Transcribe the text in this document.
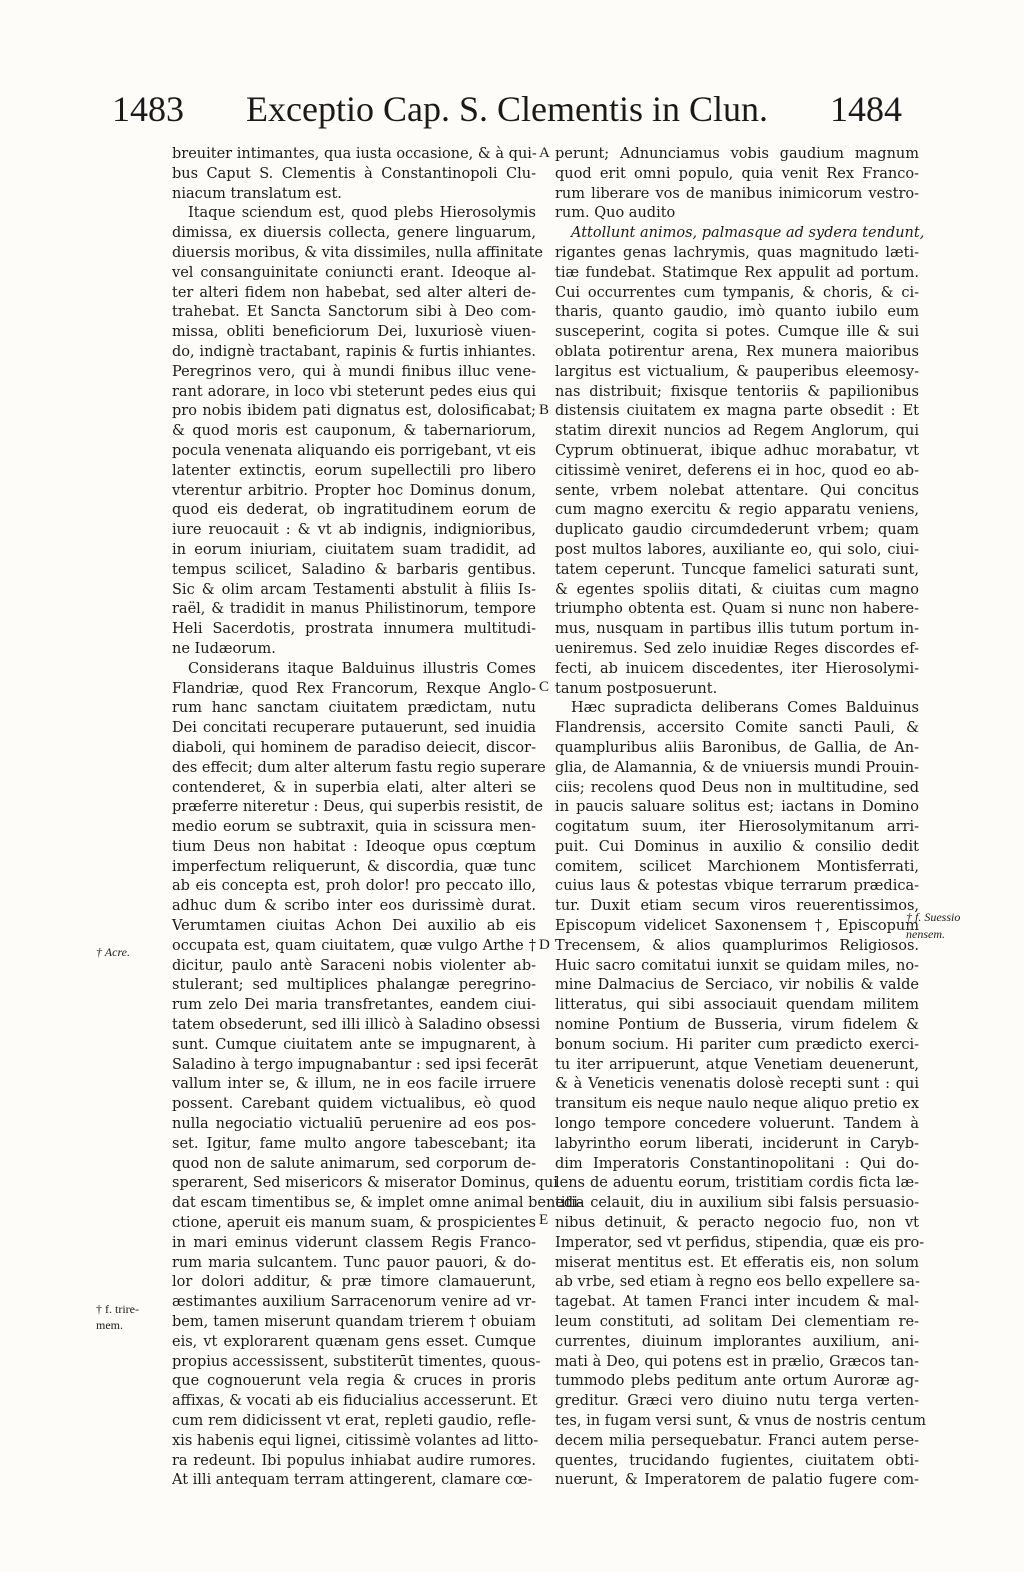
1483	Exceptio Cap. S. Clementis in Clun.	1484
breuiter intimantes, qua iusta occasione, & à qui-
bus Caput S. Clementis à Constantinopoli Clu-
niacum translatum est.
Itaque sciendum est, quod plebs Hierosolymis
dimissa, ex diuersis collecta, genere linguarum,
diuersis moribus, & vita dissimiles, nulla affinitate
vel consanguinitate coniuncti erant. Ideoque al-
ter alteri fidem non habebat, sed alter alteri de-
trahebat. Et Sancta Sanctorum sibi à Deo com-
missa, obliti beneficiorum Dei, luxuriosè viuen-
do, indignè tractabant, rapinis & furtis inhiantes.
Peregrinos vero, qui à mundi finibus illuc vene-
rant adorare, in loco vbi steterunt pedes eius qui
pro nobis ibidem pati dignatus est, dolosificabat;
& quod moris est cauponum, & tabernariorum,
pocula venenata aliquando eis porrigebant, vt eis
latenter extinctis, eorum supellectili pro libero
vterentur arbitrio. Propter hoc Dominus donum,
quod eis dederat, ob ingratitudinem eorum de
iure reuocauit : & vt ab indignis, indignioribus,
in eorum iniuriam, ciuitatem suam tradidit, ad
tempus scilicet, Saladino & barbaris gentibus.
Sic & olim arcam Testamenti abstulit à filiis Is-
raël, & tradidit in manus Philistinorum, tempore
Heli Sacerdotis, prostrata innumera multitudi-
ne Iudæorum.
Considerans itaque Balduinus illustris Comes
Flandriæ, quod Rex Francorum, Rexque Anglo-
rum hanc sanctam ciuitatem prædictam, nutu
Dei concitati recuperare putauerunt, sed inuidia
diaboli, qui hominem de paradiso deiecit, discor-
des effecit; dum alter alterum fastu regio superare
contenderet, & in superbia elati, alter alteri se
præferre niteretur : Deus, qui superbis resistit, de
medio eorum se subtraxit, quia in scissura men-
tium Deus non habitat : Ideoque opus cœptum
imperfectum reliquerunt, & discordia, quæ tunc
ab eis concepta est, proh dolor! pro peccato illo,
adhuc dum & scribo inter eos durissimè durat.
Verumtamen ciuitas Achon Dei auxilio ab eis
occupata est, quam ciuitatem, quæ vulgo Arthe †
dicitur, paulo antè Saraceni nobis violenter ab-
stulerant; sed multiplices phalangæ peregrino-
rum zelo Dei maria transfretantes, eandem ciui-
tatem obsederunt, sed illi illicò à Saladino obsessi
sunt. Cumque ciuitatem ante se impugnarent, à
Saladino à tergo impugnabantur : sed ipsi fecerāt
vallum inter se, & illum, ne in eos facile irruere
possent. Carebant quidem victualibus, eò quod
nulla negociatio victualiū peruenire ad eos pos-
set. Igitur, fame multo angore tabescebant; ita
quod non de salute animarum, sed corporum de-
sperarent, Sed misericors & miserator Dominus, qui
dat escam timentibus se, & implet omne animal benedi-
ctione, aperuit eis manum suam, & prospicientes
in mari eminus viderunt classem Regis Franco-
rum maria sulcantem. Tunc pauor pauori, & do-
lor dolori additur, & præ timore clamauerunt,
æstimantes auxilium Sarracenorum venire ad vr-
bem, tamen miserunt quandam trierem † obuiam
eis, vt explorarent quænam gens esset. Cumque
propius accessissent, substiterūt timentes, quous-
que cognouerunt vela regia & cruces in proris
affixas, & vocati ab eis fiducialius accesserunt. Et
cum rem didicissent vt erat, repleti gaudio, refle-
xis habenis equi lignei, citissimè volantes ad litto-
ra redeunt. Ibi populus inhiabat audire rumores.
At illi antequam terram attingerent, clamare cœ-
perunt; Adnunciamus vobis gaudium magnum
quod erit omni populo, quia venit Rex Franco-
rum liberare vos de manibus inimicorum vestro-
rum. Quo audito
Attollunt animos, palmasque ad sydera tendunt,
rigantes genas lachrymis, quas magnitudo læti-
tiæ fundebat. Statimque Rex appulit ad portum.
Cui occurrentes cum tympanis, & choris, & ci-
tharis, quanto gaudio, imò quanto iubilo eum
susceperint, cogita si potes. Cumque ille & sui
oblata potirentur arena, Rex munera maioribus
largitus est victualium, & pauperibus eleemosy-
nas distribuit; fixisque tentoriis & papilionibus
distensis ciuitatem ex magna parte obsedit : Et
statim direxit nuncios ad Regem Anglorum, qui
Cyprum obtinuerat, ibique adhuc morabatur, vt
citissimè veniret, deferens ei in hoc, quod eo ab-
sente, vrbem nolebat attentare. Qui concitus
cum magno exercitu & regio apparatu veniens,
duplicato gaudio circumdederunt vrbem; quam
post multos labores, auxiliante eo, qui solo, ciui-
tatem ceperunt. Tuncque famelici saturati sunt,
& egentes spoliis ditati, & ciuitas cum magno
triumpho obtenta est. Quam si nunc non habere-
mus, nusquam in partibus illis tutum portum in-
ueniremus. Sed zelo inuidiæ Reges discordes ef-
fecti, ab inuicem discedentes, iter Hierosolymi-
tanum postposuerunt.
Hæc supradicta deliberans Comes Balduinus
Flandrensis, accersito Comite sancti Pauli, &
quampluribus aliis Baronibus, de Gallia, de An-
glia, de Alamannia, & de vniuersis mundi Prouin-
ciis; recolens quod Deus non in multitudine, sed
in paucis saluare solitus est; iactans in Domino
cogitatum suum, iter Hierosolymitanum arri-
puit. Cui Dominus in auxilio & consilio dedit
comitem, scilicet Marchionem Montisferrati,
cuius laus & potestas vbique terrarum prædica-
tur. Duxit etiam secum viros reuerentissimos,
Episcopum videlicet Saxonensem †, Episcopum
Trecensem, & alios quamplurimos Religiosos.
Huic sacro comitatui iunxit se quidam miles, no-
mine Dalmacius de Serciaco, vir nobilis & valde
litteratus, qui sibi associauit quendam militem
nomine Pontium de Busseria, virum fidelem &
bonum socium. Hi pariter cum prædicto exerci-
tu iter arripuerunt, atque Venetiam deuenerunt,
& à Veneticis venenatis dolosè recepti sunt : qui
transitum eis neque naulo neque aliquo pretio ex
longo tempore concedere voluerunt. Tandem à
labyrintho eorum liberati, inciderunt in Caryb-
dim Imperatoris Constantinopolitani : Qui do-
lens de aduentu eorum, tristitiam cordis ficta læ-
titia celauit, diu in auxilium sibi falsis persuasio-
nibus detinuit, & peracto negocio fuo, non vt
Imperator, sed vt perfidus, stipendia, quæ eis pro-
miserat mentitus est. Et efferatis eis, non solum
ab vrbe, sed etiam à regno eos bello expellere sa-
tagebat. At tamen Franci inter incudem & mal-
leum constituti, ad solitam Dei clementiam re-
currentes, diuinum implorantes auxilium, ani-
mati à Deo, qui potens est in prælio, Græcos tan-
tummodo plebs peditum ante ortum Auroræ ag-
greditur. Græci vero diuino nutu terga verten-
tes, in fugam versi sunt, & vnus de nostris centum
decem milia persequebatur. Franci autem perse-
quentes, trucidando fugientes, ciuitatem obti-
nuerunt, & Imperatorem de palatio fugere com-
A
B
C
D
E
† Acre.
† f. trire-
mem.
† f. Suessio
nensem.
